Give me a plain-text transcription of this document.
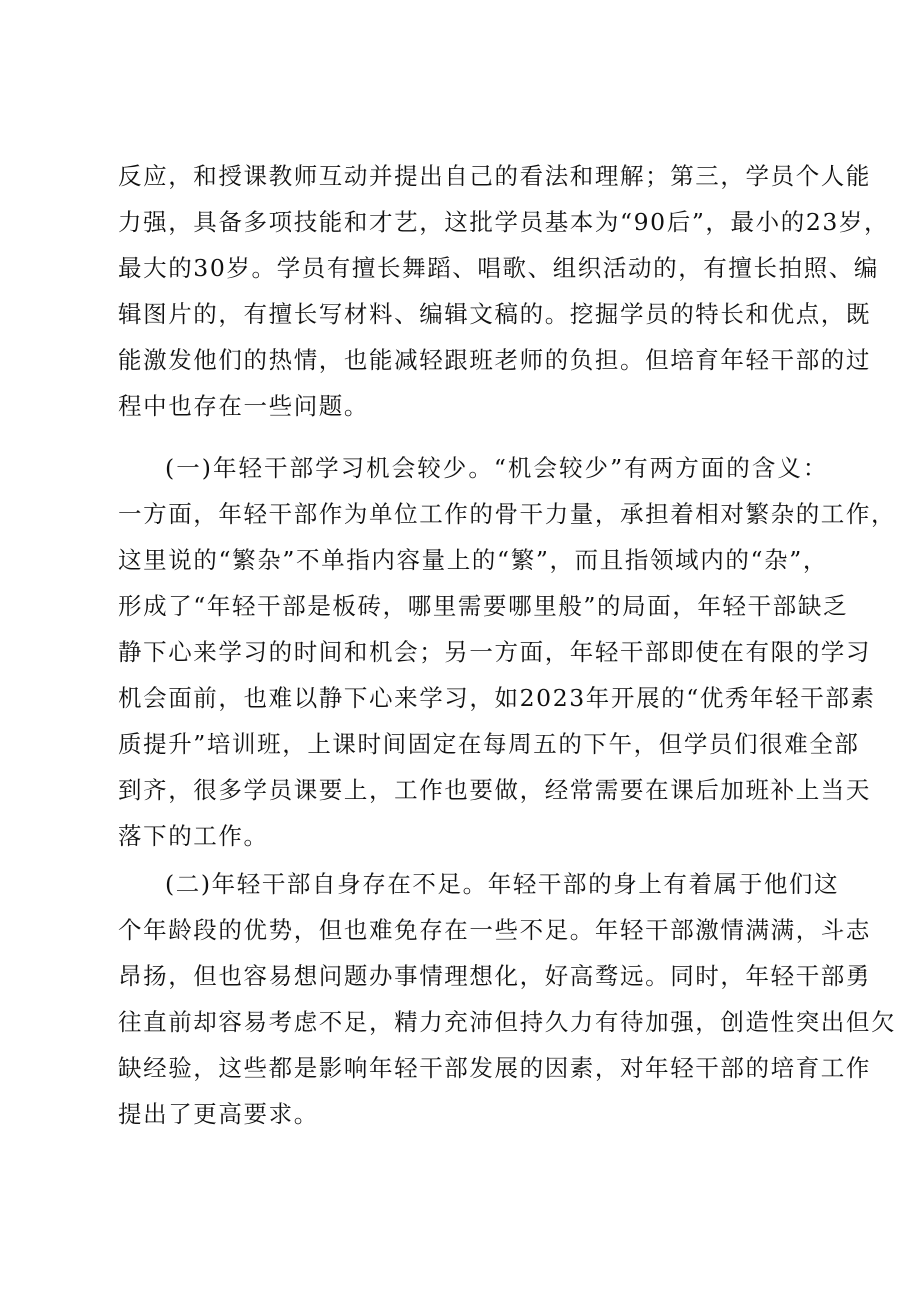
反应，和授课教师互动并提出自己的看法和理解；第三，学员个人能
力强，具备多项技能和才艺，这批学员基本为“90后”，最小的23岁，
最大的30岁。学员有擅长舞蹈、唱歌、组织活动的，有擅长拍照、编
辑图片的，有擅长写材料、编辑文稿的。挖掘学员的特长和优点，既
能激发他们的热情，也能减轻跟班老师的负担。但培育年轻干部的过
程中也存在一些问题。
(一)年轻干部学习机会较少。“机会较少”有两方面的含义：
一方面，年轻干部作为单位工作的骨干力量，承担着相对繁杂的工作，
这里说的“繁杂”不单指内容量上的“繁”，而且指领域内的“杂”，
形成了“年轻干部是板砖，哪里需要哪里般”的局面，年轻干部缺乏
静下心来学习的时间和机会；另一方面，年轻干部即使在有限的学习
机会面前，也难以静下心来学习，如2023年开展的“优秀年轻干部素
质提升”培训班，上课时间固定在每周五的下午，但学员们很难全部
到齐，很多学员课要上，工作也要做，经常需要在课后加班补上当天
落下的工作。
(二)年轻干部自身存在不足。年轻干部的身上有着属于他们这
个年龄段的优势，但也难免存在一些不足。年轻干部激情满满，斗志
昂扬，但也容易想问题办事情理想化，好高骛远。同时，年轻干部勇
往直前却容易考虑不足，精力充沛但持久力有待加强，创造性突出但欠
缺经验，这些都是影响年轻干部发展的因素，对年轻干部的培育工作
提出了更高要求。
